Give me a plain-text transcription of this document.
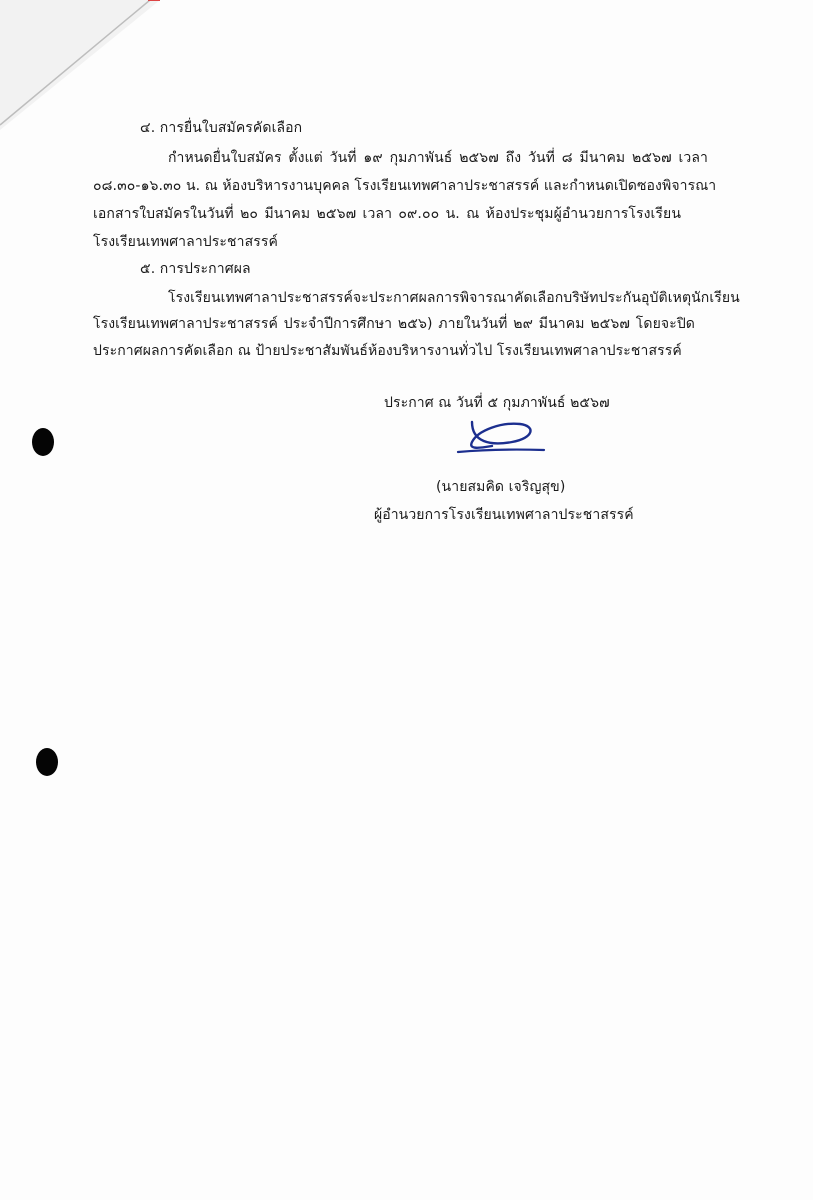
๔. การยื่นใบสมัครคัดเลือก
กำหนดยื่นใบสมัคร ตั้งแต่ วันที่ ๑๙ กุมภาพันธ์ ๒๕๖๗ ถึง วันที่ ๘ มีนาคม ๒๕๖๗ เวลา
๐๘.๓๐-๑๖.๓๐ น. ณ ห้องบริหารงานบุคคล โรงเรียนเทพศาลาประชาสรรค์ และกำหนดเปิดซองพิจารณา
เอกสารใบสมัครในวันที่ ๒๐ มีนาคม ๒๕๖๗ เวลา ๐๙.๐๐ น. ณ ห้องประชุมผู้อำนวยการโรงเรียน
โรงเรียนเทพศาลาประชาสรรค์
๕. การประกาศผล
โรงเรียนเทพศาลาประชาสรรค์จะประกาศผลการพิจารณาคัดเลือกบริษัทประกันอุบัติเหตุนักเรียน
โรงเรียนเทพศาลาประชาสรรค์ ประจำปีการศึกษา ๒๕๖) ภายในวันที่ ๒๙ มีนาคม ๒๕๖๗ โดยจะปิด
ประกาศผลการคัดเลือก ณ ป้ายประชาสัมพันธ์ห้องบริหารงานทั่วไป โรงเรียนเทพศาลาประชาสรรค์
ประกาศ ณ วันที่ ๕ กุมภาพันธ์ ๒๕๖๗
(นายสมคิด เจริญสุข)
ผู้อำนวยการโรงเรียนเทพศาลาประชาสรรค์
